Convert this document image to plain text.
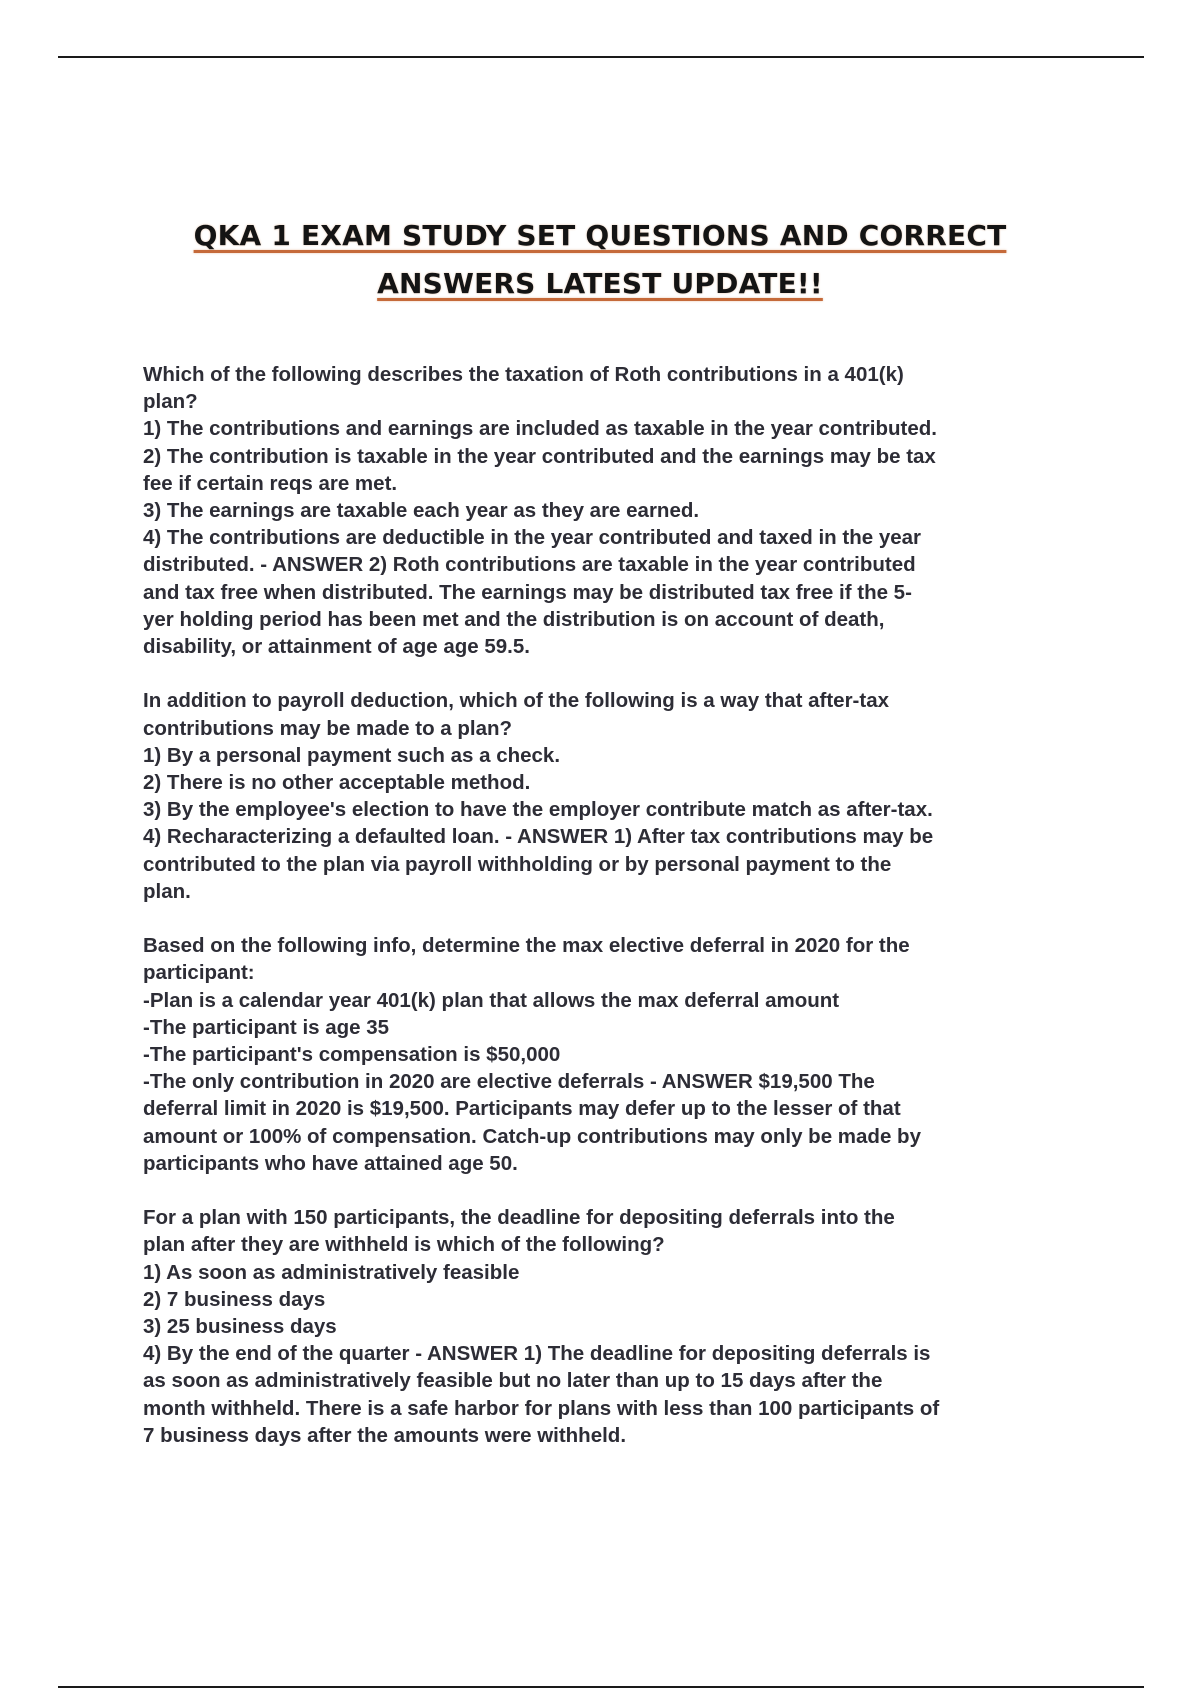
QKA 1 EXAM STUDY SET QUESTIONS AND CORRECT
ANSWERS LATEST UPDATE!!

Which of the following describes the taxation of Roth contributions in a 401(k)

plan?

1) The contributions and earnings are included as taxable in the year contributed.

2) The contribution is taxable in the year contributed and the earnings may be tax

fee if certain reqs are met.

3) The earnings are taxable each year as they are earned.

4) The contributions are deductible in the year contributed and taxed in the year

distributed. - ANSWER 2) Roth contributions are taxable in the year contributed

and tax free when distributed. The earnings may be distributed tax free if the 5-

yer holding period has been met and the distribution is on account of death,

disability, or attainment of age age 59.5.

In addition to payroll deduction, which of the following is a way that after-tax

contributions may be made to a plan?

1) By a personal payment such as a check.

2) There is no other acceptable method.

3) By the employee's election to have the employer contribute match as after-tax.

4) Recharacterizing a defaulted loan. - ANSWER 1) After tax contributions may be

contributed to the plan via payroll withholding or by personal payment to the

plan.

Based on the following info, determine the max elective deferral in 2020 for the

participant:

-Plan is a calendar year 401(k) plan that allows the max deferral amount

-The participant is age 35

-The participant's compensation is $50,000

-The only contribution in 2020 are elective deferrals - ANSWER $19,500 The

deferral limit in 2020 is $19,500. Participants may defer up to the lesser of that

amount or 100% of compensation. Catch-up contributions may only be made by

participants who have attained age 50.

For a plan with 150 participants, the deadline for depositing deferrals into the

plan after they are withheld is which of the following?

1) As soon as administratively feasible

2) 7 business days

3) 25 business days

4) By the end of the quarter - ANSWER 1) The deadline for depositing deferrals is

as soon as administratively feasible but no later than up to 15 days after the

month withheld. There is a safe harbor for plans with less than 100 participants of

7 business days after the amounts were withheld.
